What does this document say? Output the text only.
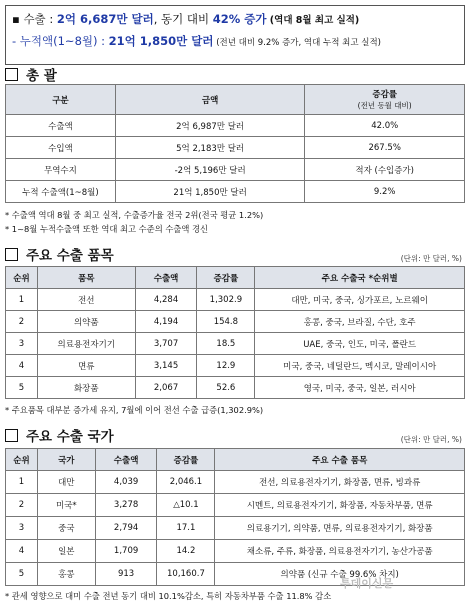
▪ 수출 : 2억 6,687만 달러, 동기 대비 42% 증가 (역대 8월 최고 실적)
- 누적액(1~8월) : 21억 1,850만 달러 (전년 대비 9.2% 증가, 역대 누적 최고 실적)
총 괄
구분	금액	증감률
(전년 동월 대비)

수출액	2억 6,987만 달러	42.0%
수입액	5억 2,183만 달러	267.5%
무역수지	-2억 5,196만 달러	적자 (수입증가)
누적 수출액(1~8월)	21억 1,850만 달러	9.2%
* 수출액 역대 8월 중 최고 실적, 수출증가율 전국 2위(전국 평균 1.2%)
* 1~8월 누적수출액 또한 역대 최고 수준의 수출액 경신
주요 수출 품목	(단위: 만 달러, %)
순위	품목	수출액	증감률	주요 수출국 *순위별
1	전선	4,284	1,302.9	대만, 미국, 중국, 싱가포르, 노르웨이
2	의약품	4,194	154.8	홍콩, 중국, 브라질, 수단, 호주
3	의료용전자기기	3,707	18.5	UAE, 중국, 인도, 미국, 폴란드
4	면류	3,145	12.9	미국, 중국, 네덜란드, 멕시코, 말레이시아
5	화장품	2,067	52.6	영국, 미국, 중국, 일본, 러시아
* 주요품목 대부분 증가세 유지, 7월에 이어 전선 수출 급증(1,302.9%)
주요 수출 국가	(단위: 만 달러, %)
순위	국가	수출액	증감률	주요 수출 품목
1	대만	4,039	2,046.1	전선, 의료용전자기기, 화장품, 면류, 빙과류
2	미국*	3,278	△10.1	시멘트, 의료용전자기기, 화장품, 자동차부품, 면류
3	중국	2,794	17.1	의료용기기, 의약품, 면류, 의료용전자기기, 화장품
4	일본	1,709	14.2	채소류, 주류, 화장품, 의료용전자기기, 농산가공품
5	홍콩	913	10,160.7	의약품 (신규 수출 99.6% 차지)
투데이신문
* 관세 영향으로 대미 수출 전년 동기 대비 10.1%감소, 특히 자동차부품 수출 11.8% 감소
